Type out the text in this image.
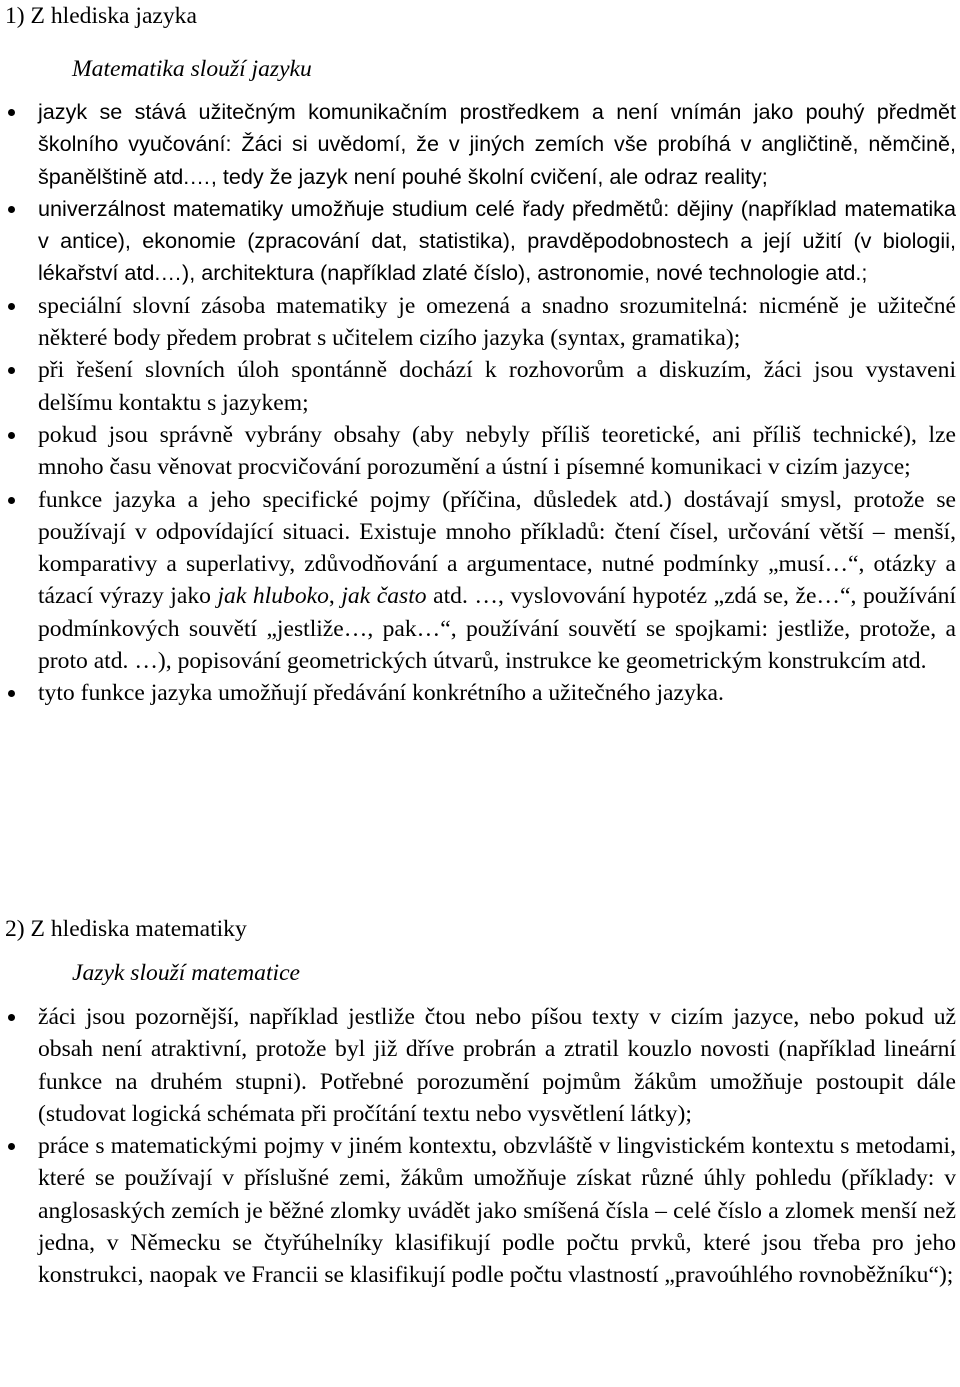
1) Z hlediska jazyka
Matematika slouží jazyku
jazyk se stává užitečným komunikačním prostředkem a není vnímán jako pouhý předmět školního vyučování: Žáci si uvědomí, že v jiných zemích vše probíhá v angličtině, němčině, španělštině atd.…, tedy že jazyk není pouhé školní cvičení, ale odraz reality;
univerzálnost matematiky umožňuje studium celé řady předmětů: dějiny (například matematika v antice), ekonomie (zpracování dat, statistika), pravděpodobnostech a její užití (v biologii, lékařství atd.…), architektura (například zlaté číslo), astronomie, nové technologie atd.;
speciální slovní zásoba matematiky je omezená a snadno srozumitelná: nicméně je užitečné některé body předem probrat s učitelem cizího jazyka (syntax, gramatika);
při řešení slovních úloh spontánně dochází k rozhovorům a diskuzím, žáci jsou vystaveni delšímu kontaktu s jazykem;
pokud jsou správně vybrány obsahy (aby nebyly příliš teoretické, ani příliš technické), lze mnoho času věnovat procvičování porozumění a ústní i písemné komunikaci v cizím jazyce;
funkce jazyka a jeho specifické pojmy (příčina, důsledek atd.) dostávají smysl, protože se používají v odpovídající situaci. Existuje mnoho příkladů: čtení čísel, určování větší – menší, komparativy a superlativy, zdůvodňování a argumentace, nutné podmínky „musí…“, otázky a tázací výrazy jako jak hluboko, jak často atd. …, vyslovování hypotéz „zdá se, že…“, používání podmínkových souvětí „jestliže…, pak…“, používání souvětí se spojkami: jestliže, protože, a proto atd. …), popisování geometrických útvarů, instrukce ke geometrickým konstrukcím atd.
tyto funkce jazyka umožňují předávání konkrétního a užitečného jazyka.
2) Z hlediska matematiky
Jazyk slouží matematice
žáci jsou pozornější, například jestliže čtou nebo píšou texty v cizím jazyce, nebo pokud už obsah není atraktivní, protože byl již dříve probrán a ztratil kouzlo novosti (například lineární funkce na druhém stupni). Potřebné porozumění pojmům žákům umožňuje postoupit dále (studovat logická schémata při pročítání textu nebo vysvětlení látky);
práce s matematickými pojmy v jiném kontextu, obzvláště v lingvistickém kontextu s metodami, které se používají v příslušné zemi, žákům umožňuje získat různé úhly pohledu (příklady: v anglosaských zemích je běžné zlomky uvádět jako smíšená čísla – celé číslo a zlomek menší než jedna, v Německu se čtyřúhelníky klasifikují podle počtu prvků, které jsou třeba pro jeho konstrukci, naopak ve Francii se klasifikují podle počtu vlastností „pravoúhlého rovnoběžníku“);
